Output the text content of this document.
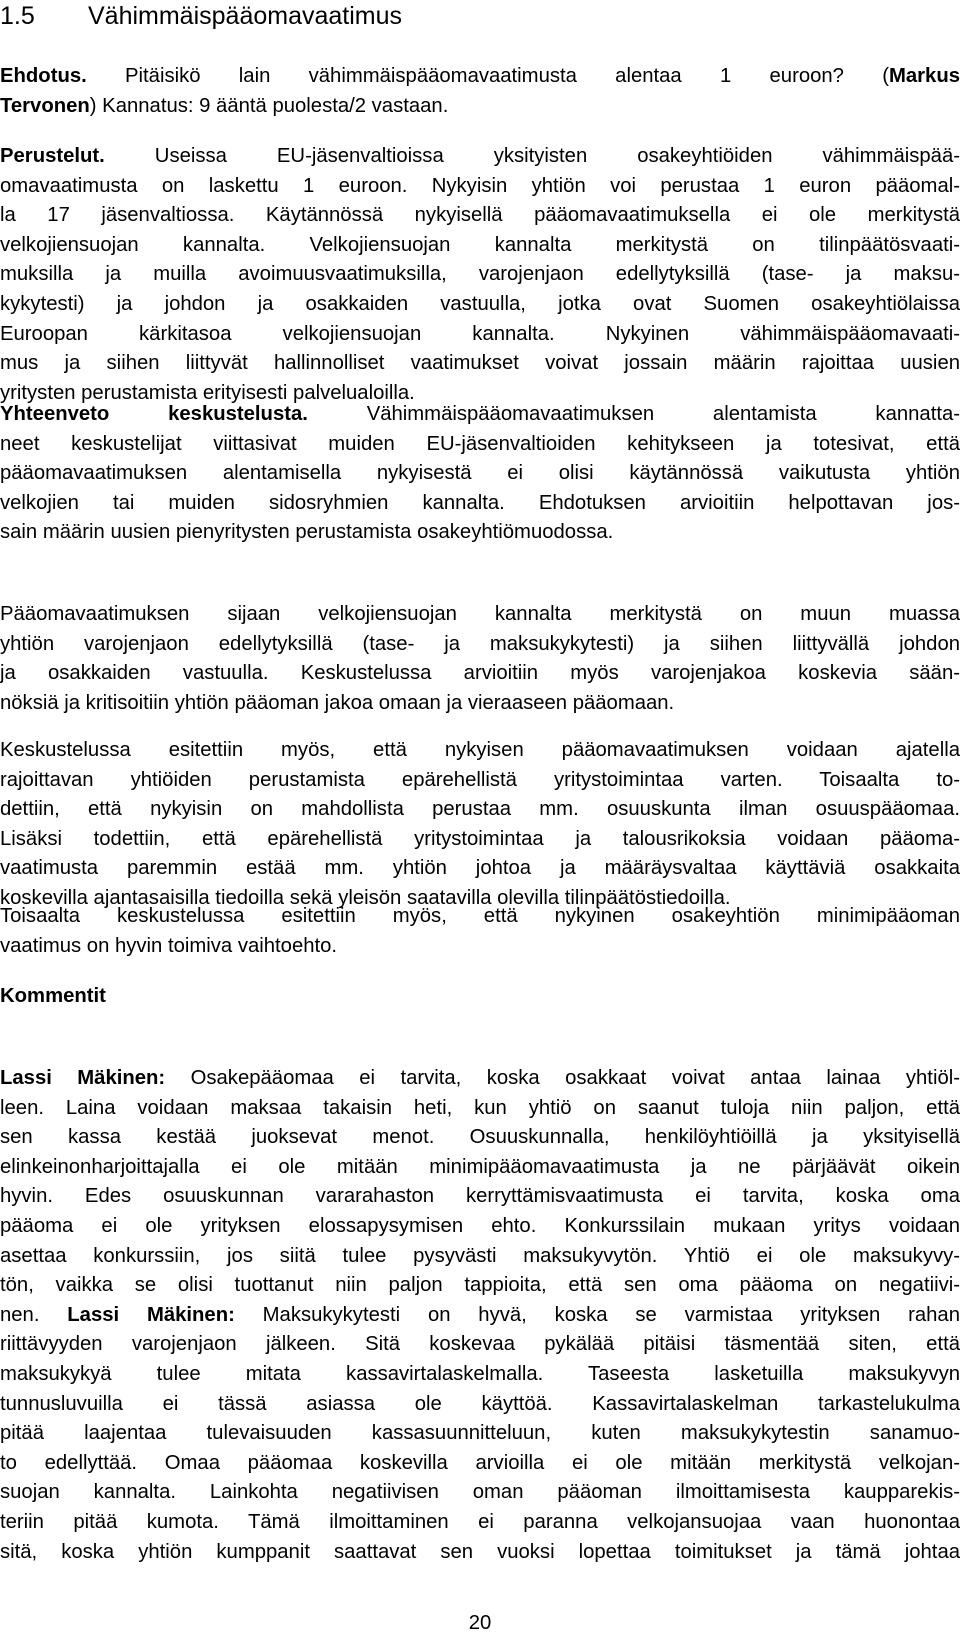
1.5 Vähimmäispääomavaatimus
Ehdotus. Pitäisikö lain vähimmäispääomavaatimusta alentaa 1 euroon? (Markus
Tervonen) Kannatus: 9 ääntä puolesta/2 vastaan.
Perustelut. Useissa EU-jäsenvaltioissa yksityisten osakeyhtiöiden vähimmäispää-
omavaatimusta on laskettu 1 euroon. Nykyisin yhtiön voi perustaa 1 euron pääomal-
la 17 jäsenvaltiossa. Käytännössä nykyisellä pääomavaatimuksella ei ole merkitystä
velkojiensuojan kannalta. Velkojiensuojan kannalta merkitystä on tilinpäätösvaati-
muksilla ja muilla avoimuusvaatimuksilla, varojenjaon edellytyksillä (tase- ja maksu-
kykytesti) ja johdon ja osakkaiden vastuulla, jotka ovat Suomen osakeyhtiölaissa
Euroopan kärkitasoa velkojiensuojan kannalta. Nykyinen vähimmäispääomavaati-
mus ja siihen liittyvät hallinnolliset vaatimukset voivat jossain määrin rajoittaa uusien
yritysten perustamista erityisesti palvelualoilla.
Yhteenveto keskustelusta. Vähimmäispääomavaatimuksen alentamista kannatta-
neet keskustelijat viittasivat muiden EU-jäsenvaltioiden kehitykseen ja totesivat, että
pääomavaatimuksen alentamisella nykyisestä ei olisi käytännössä vaikutusta yhtiön
velkojien tai muiden sidosryhmien kannalta. Ehdotuksen arvioitiin helpottavan jos-
sain määrin uusien pienyritysten perustamista osakeyhtiömuodossa.
Pääomavaatimuksen sijaan velkojiensuojan kannalta merkitystä on muun muassa
yhtiön varojenjaon edellytyksillä (tase- ja maksukykytesti) ja siihen liittyvällä johdon
ja osakkaiden vastuulla. Keskustelussa arvioitiin myös varojenjakoa koskevia sään-
nöksiä ja kritisoitiin yhtiön pääoman jakoa omaan ja vieraaseen pääomaan.
Keskustelussa esitettiin myös, että nykyisen pääomavaatimuksen voidaan ajatella
rajoittavan yhtiöiden perustamista epärehellistä yritystoimintaa varten. Toisaalta to-
dettiin, että nykyisin on mahdollista perustaa mm. osuuskunta ilman osuuspääomaa.
Lisäksi todettiin, että epärehellistä yritystoimintaa ja talousrikoksia voidaan pääoma-
vaatimusta paremmin estää mm. yhtiön johtoa ja määräysvaltaa käyttäviä osakkaita
koskevilla ajantasaisilla tiedoilla sekä yleisön saatavilla olevilla tilinpäätöstiedoilla.
Toisaalta keskustelussa esitettiin myös, että nykyinen osakeyhtiön minimipääoman
vaatimus on hyvin toimiva vaihtoehto.
Kommentit
Lassi Mäkinen: Osakepääomaa ei tarvita, koska osakkaat voivat antaa lainaa yhtiöl-
leen. Laina voidaan maksaa takaisin heti, kun yhtiö on saanut tuloja niin paljon, että
sen kassa kestää juoksevat menot. Osuuskunnalla, henkilöyhtiöillä ja yksityisellä
elinkeinonharjoittajalla ei ole mitään minimipääomavaatimusta ja ne pärjäävät oikein
hyvin. Edes osuuskunnan vararahaston kerryttämisvaatimusta ei tarvita, koska oma
pääoma ei ole yrityksen elossapysymisen ehto. Konkurssilain mukaan yritys voidaan
asettaa konkurssiin, jos siitä tulee pysyvästi maksukyvytön. Yhtiö ei ole maksukyvy-
tön, vaikka se olisi tuottanut niin paljon tappioita, että sen oma pääoma on negatiivi-
nen. Lassi Mäkinen: Maksukykytesti on hyvä, koska se varmistaa yrityksen rahan
riittävyyden varojenjaon jälkeen. Sitä koskevaa pykälää pitäisi täsmentää siten, että
maksukykyä tulee mitata kassavirtalaskelmalla. Taseesta lasketuilla maksukyvyn
tunnusluvuilla ei tässä asiassa ole käyttöä. Kassavirtalaskelman tarkastelukulma
pitää laajentaa tulevaisuuden kassasuunnitteluun, kuten maksukykytestin sanamuo-
to edellyttää. Omaa pääomaa koskevilla arvioilla ei ole mitään merkitystä velkojan-
suojan kannalta. Lainkohta negatiivisen oman pääoman ilmoittamisesta kaupparekis-
teriin pitää kumota. Tämä ilmoittaminen ei paranna velkojansuojaa vaan huonontaa
sitä, koska yhtiön kumppanit saattavat sen vuoksi lopettaa toimitukset ja tämä johtaa
20
